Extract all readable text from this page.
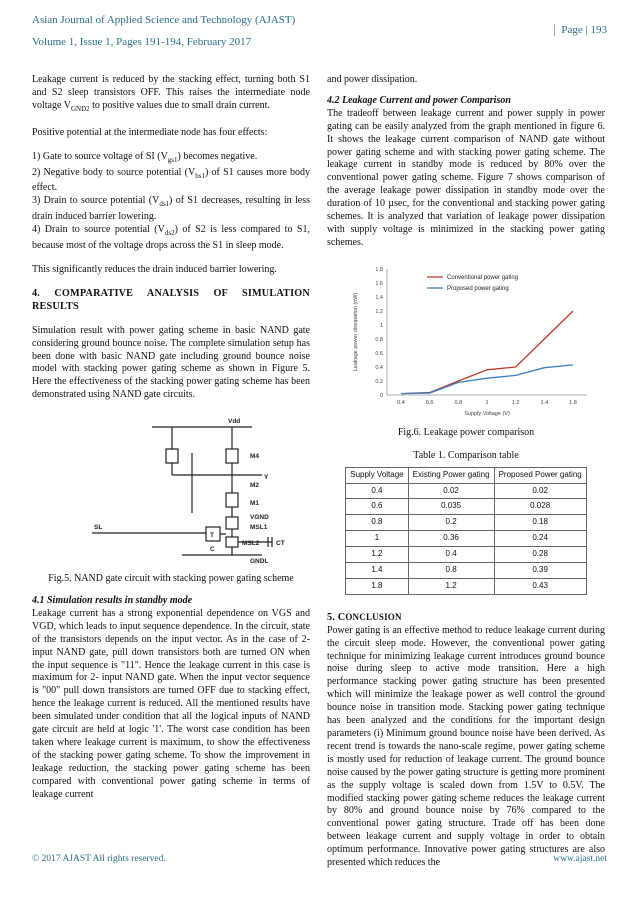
Asian Journal of Applied Science and Technology (AJAST)
Volume 1, Issue 1, Pages 191-194, February 2017
Page | 193

Leakage current is reduced by the stacking effect, turning both S1 and S2 sleep transistors OFF. This raises the intermediate node voltage $V_{GND2}$ to positive values due to small drain current.

Positive potential at the intermediate node has four effects:

1) Gate to source voltage of SI $(V_{gs1})$ becomes negative.

2) Negative body to source potential $(V_{bs1})$ of S1 causes more body effect.

3) Drain to source potential $(V_{ds1})$ of S1 decreases, resulting in less drain induced barrier lowering.

4) Drain to source potential $(V_{ds2})$ of S2 is less compared to S1, because most of the voltage drops across the S1 in sleep mode.

This significantly reduces the drain induced barrier lowering.

4. COMPARATIVE ANALYSIS OF SIMULATION RESULTS

Simulation result with power gating scheme in basic NAND gate considering ground bounce noise. The complete simulation setup has been done with basic NAND gate including ground bounce noise model with stacking power gating scheme as shown in Figure 5. Here the effectiveness of the stacking power gating scheme has been demonstrated using NAND gate circuits.

Vdd
M4
M2
Y
M1
VGND
MSL1
SL
T
C
MSL2	CT
GNDL

Fig.5. NAND gate circuit with stacking power gating scheme

4.1 Simulation results in standby mode

Leakage current has a strong exponential dependence on VGS and VGD, which leads to input sequence dependence. In the circuit, state of the transistors depends on the input vector. As in the case of 2- input NAND gate, pull down transistors both are turned ON when the input sequence is "11". Hence the leakage current in this case is maximum for 2- input NAND gate. When the input vector sequence is "00" pull down transistors are turned OFF due to stacking effect, hence the leakage current is reduced. All the mentioned results have been simulated under condition that all the logical inputs of NAND gate circuit are held at logic '1'. The worst case condition has been taken where leakage current is maximum, to show the effectiveness of the stacking power gating scheme. To show the improvement in leakage reduction, the stacking power gating scheme has been compared with conventional power gating scheme in terms of leakage current

and power dissipation.

4.2 Leakage Current and power Comparison

The tradeoff between leakage current and power supply in power gating can be easily analyzed from the graph mentioned in figure 6. It shows the leakage current comparison of NAND gate without power gating scheme and with stacking power gating scheme. The leakage current in standby mode is reduced by 80% over the conventional power gating scheme. Figure 7 shows comparison of the average leakage power dissipation in standby mode over the duration of 10 µsec, for the conventional and stacking power gating schemes. It is analyzed that variation of leakage power dissipation with supply voltage is minimized in the stacking power gating schemes.

0
0.2
0.4
0.6
0.8
1
1.2
1.4
1.6
1.8
0.4	0.6	0.8	1	1.2	1.4	1.8
Supply Voltage (V)
Leakage power dissipation (nW)
Conventional power gating
Proposed power gating

Fig.6. Leakage power comparison

Table 1. Comparison table

Supply Voltage	Existing Power gating	Proposed Power gating
0.4	0.02	0.02
0.6	0.035	0.028
0.8	0.2	0.18
1	0.36	0.24
1.2	0.4	0.28
1.4	0.8	0.39
1.8	1.2	0.43
5. CONCLUSION

Power gating is an effective method to reduce leakage current during the circuit sleep mode. However, the conventional power gating technique for minimizing leakage current introduces ground bounce noise during sleep to active mode transition. Here a high performance stacking power gating structure has been presented which will minimize the leakage power as well control the ground bounce noise in transition mode. Stacking power gating technique has been analyzed and the conditions for the important design parameters (i) Minimum ground bounce noise have been derived. As recent trend is towards the nano-scale regime, power gating scheme is mostly used for reduction of leakage current. The ground bounce noise caused by the power gating structure is getting more prominent as the supply voltage is scaled down from 1.5V to 0.5V. The modified stacking power gating scheme reduces the leakage current by 80% and ground bounce noise by 76% compared to the conventional power gating structure. Trade off has been done between leakage current and supply voltage in order to obtain optimum performance. Innovative power gating structures are also presented which reduces the

© 2017 AJAST All rights reserved.	www.ajast.net
